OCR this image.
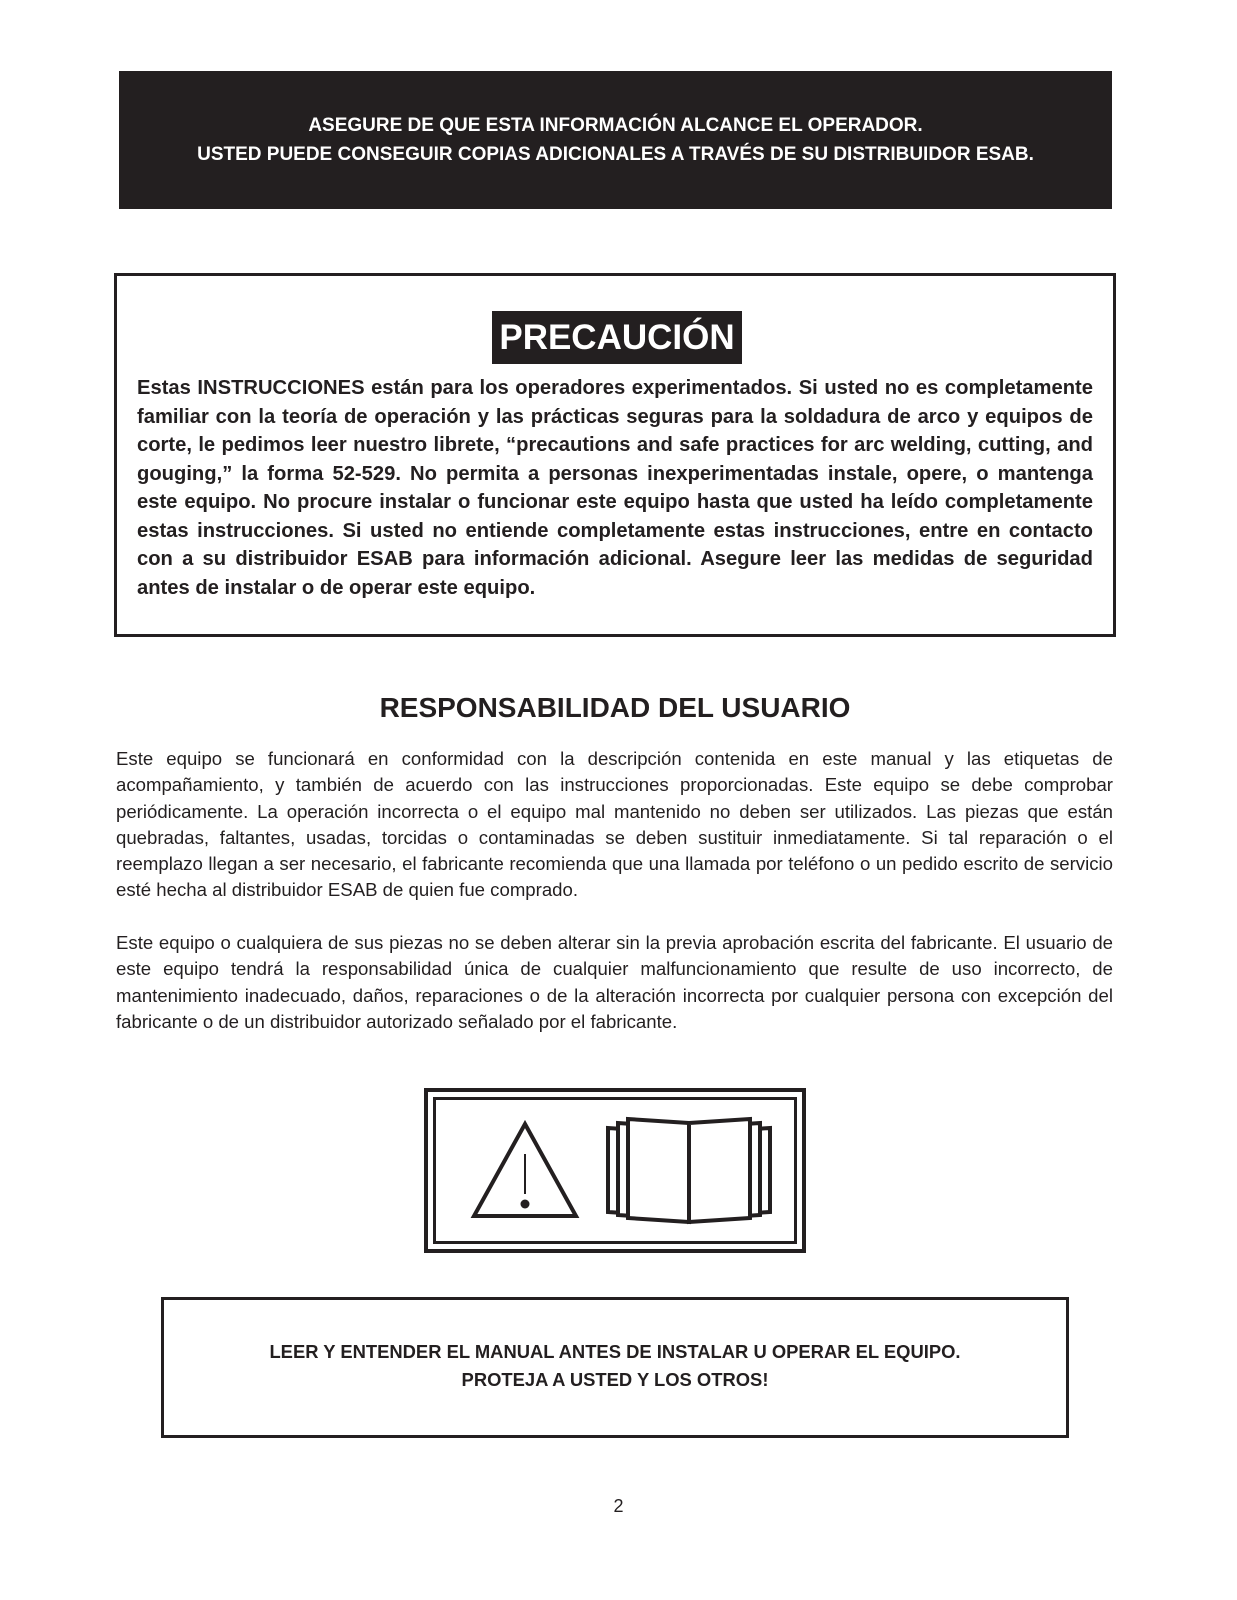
ASEGURE DE QUE ESTA INFORMACIÓN ALCANCE EL OPERADOR.
USTED PUEDE CONSEGUIR COPIAS ADICIONALES A TRAVÉS DE SU DISTRIBUIDOR ESAB.
PRECAUCIÓN
Estas INSTRUCCIONES están para los operadores experimentados. Si usted no es completamente familiar con la teoría de operación y las prácticas seguras para la soldadura de arco y equipos de corte, le pedimos leer nuestro librete, “precautions and safe practices for arc welding, cutting, and gouging,” la forma 52-529. No permita a personas inexperimentadas instale, opere, o mantenga este equipo. No procure instalar o funcionar este equipo hasta que usted ha leído completamente estas instrucciones. Si usted no entiende completamente estas instrucciones, entre en contacto con a su distribuidor ESAB para información adicional. Asegure leer las medidas de seguridad antes de instalar o de operar este equipo.
RESPONSABILIDAD DEL USUARIO
Este equipo se funcionará en conformidad con la descripción contenida en este manual y las etiquetas de acompañamiento, y también de acuerdo con las instrucciones proporcionadas. Este equipo se debe comprobar periódicamente. La operación incorrecta o el equipo mal mantenido no deben ser utilizados. Las piezas que están quebradas, faltantes, usadas, torcidas o contaminadas se deben sustituir inmediatamente. Si tal reparación o el reemplazo llegan a ser necesario, el fabricante recomienda que una llamada por teléfono o un pedido escrito de servicio esté hecha al distribuidor ESAB de quien fue comprado.
Este equipo o cualquiera de sus piezas no se deben alterar sin la previa aprobación escrita del fabricante. El usuario de este equipo tendrá la responsabilidad única de cualquier malfuncionamiento que resulte de uso incorrecto, de mantenimiento inadecuado, daños, reparaciones o de la alteración incorrecta por cualquier persona con excepción del fabricante o de un distribuidor autorizado señalado por el fabricante.
LEER Y ENTENDER EL MANUAL ANTES DE INSTALAR U OPERAR EL EQUIPO.
PROTEJA A USTED Y LOS OTROS!
2
